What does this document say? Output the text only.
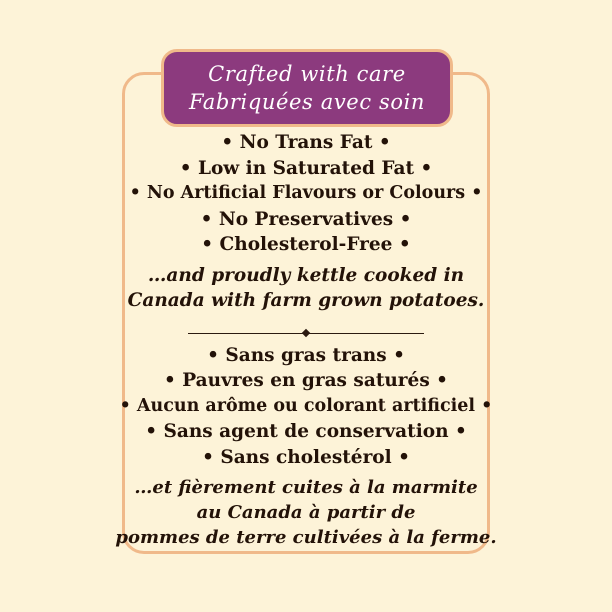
Crafted with care
Fabriquées avec soin
• No Trans Fat •
• Low in Saturated Fat •
• No Artificial Flavours or Colours •
• No Preservatives •
• Cholesterol-Free •
…and proudly kettle cooked in
Canada with farm grown potatoes.
• Sans gras trans •
• Pauvres en gras saturés •
• Aucun arôme ou colorant artificiel •
• Sans agent de conservation •
• Sans cholestérol •
…et fièrement cuites à la marmite
au Canada à partir de
pommes de terre cultivées à la ferme.
